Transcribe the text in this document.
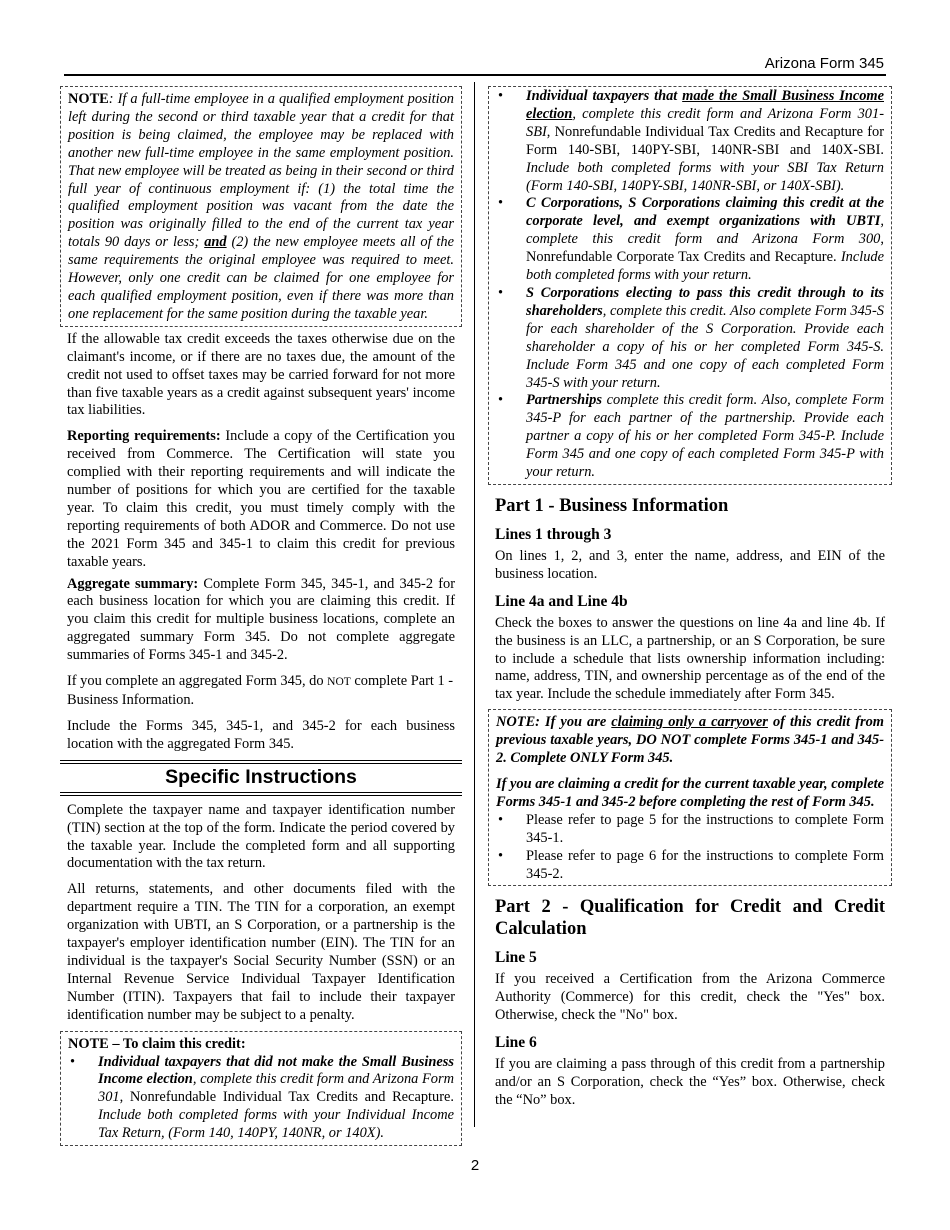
Arizona Form 345

NOTE: If a full-time employee in a qualified employment position left during the second or third taxable year that a credit for that position is being claimed, the employee may be replaced with another new full-time employee in the same employment position. That new employee will be treated as being in their second or third full year of continuous employment if: (1) the total time the qualified employment position was vacant from the date the position was originally filled to the end of the current tax year totals 90 days or less; and (2) the new employee meets all of the same requirements the original employee was required to meet. However, only one credit can be claimed for one employee for each qualified employment position, even if there was more than one replacement for the same position during the taxable year.

If the allowable tax credit exceeds the taxes otherwise due on the claimant's income, or if there are no taxes due, the amount of the credit not used to offset taxes may be carried forward for not more than five taxable years as a credit against subsequent years' income tax liabilities.

Reporting requirements: Include a copy of the Certification you received from Commerce. The Certification will state you complied with their reporting requirements and will indicate the number of positions for which you are certified for the taxable year. To claim this credit, you must timely comply with the reporting requirements of both ADOR and Commerce. Do not use the 2021 Form 345 and 345-1 to claim this credit for previous taxable years.

Aggregate summary: Complete Form 345, 345-1, and 345-2 for each business location for which you are claiming this credit. If you claim this credit for multiple business locations, complete an aggregated summary Form 345. Do not complete aggregate summaries of Forms 345-1 and 345-2.

If you complete an aggregated Form 345, do NOT complete Part 1 - Business Information.

Include the Forms 345, 345-1, and 345-2 for each business location with the aggregated Form 345.

Specific Instructions

Complete the taxpayer name and taxpayer identification number (TIN) section at the top of the form. Indicate the period covered by the taxable year. Include the completed form and all supporting documentation with the tax return.

All returns, statements, and other documents filed with the department require a TIN. The TIN for a corporation, an exempt organization with UBTI, an S Corporation, or a partnership is the taxpayer's employer identification number (EIN). The TIN for an individual is the taxpayer's Social Security Number (SSN) or an Internal Revenue Service Individual Taxpayer Identification Number (ITIN). Taxpayers that fail to include their taxpayer identification number may be subject to a penalty.

NOTE – To claim this credit:

• Individual taxpayers that did not make the Small Business Income election, complete this credit form and Arizona Form 301, Nonrefundable Individual Tax Credits and Recapture. Include both completed forms with your Individual Income Tax Return, (Form 140, 140PY, 140NR, or 140X).
• Individual taxpayers that made the Small Business Income election, complete this credit form and Arizona Form 301-SBI, Nonrefundable Individual Tax Credits and Recapture for Form 140-SBI, 140PY-SBI, 140NR-SBI and 140X-SBI. Include both completed forms with your SBI Tax Return (Form 140-SBI, 140PY-SBI, 140NR-SBI, or 140X-SBI).
• C Corporations, S Corporations claiming this credit at the corporate level, and exempt organizations with UBTI, complete this credit form and Arizona Form 300, Nonrefundable Corporate Tax Credits and Recapture. Include both completed forms with your return.
• S Corporations electing to pass this credit through to its shareholders, complete this credit. Also complete Form 345-S for each shareholder of the S Corporation. Provide each shareholder a copy of his or her completed Form 345-S. Include Form 345 and one copy of each completed Form 345-S with your return.
• Partnerships complete this credit form. Also, complete Form 345-P for each partner of the partnership. Provide each partner a copy of his or her completed Form 345-P. Include Form 345 and one copy of each completed Form 345-P with your return.
Part 1 - Business Information
Lines 1 through 3

On lines 1, 2, and 3, enter the name, address, and EIN of the business location.

Line 4a and Line 4b

Check the boxes to answer the questions on line 4a and line 4b. If the business is an LLC, a partnership, or an S Corporation, be sure to include a schedule that lists ownership information including: name, address, TIN, and ownership percentage as of the end of the tax year. Include the schedule immediately after Form 345.

NOTE: If you are claiming only a carryover of this credit from previous taxable years, DO NOT complete Forms 345-1 and 345-2. Complete ONLY Form 345.

If you are claiming a credit for the current taxable year, complete Forms 345-1 and 345-2 before completing the rest of Form 345.

• Please refer to page 5 for the instructions to complete Form 345-1.
• Please refer to page 6 for the instructions to complete Form 345-2.
Part 2 - Qualification for Credit and Credit Calculation
Line 5

If you received a Certification from the Arizona Commerce Authority (Commerce) for this credit, check the "Yes" box. Otherwise, check the "No" box.

Line 6

If you are claiming a pass through of this credit from a partnership and/or an S Corporation, check the “Yes” box. Otherwise, check the “No” box.

2
